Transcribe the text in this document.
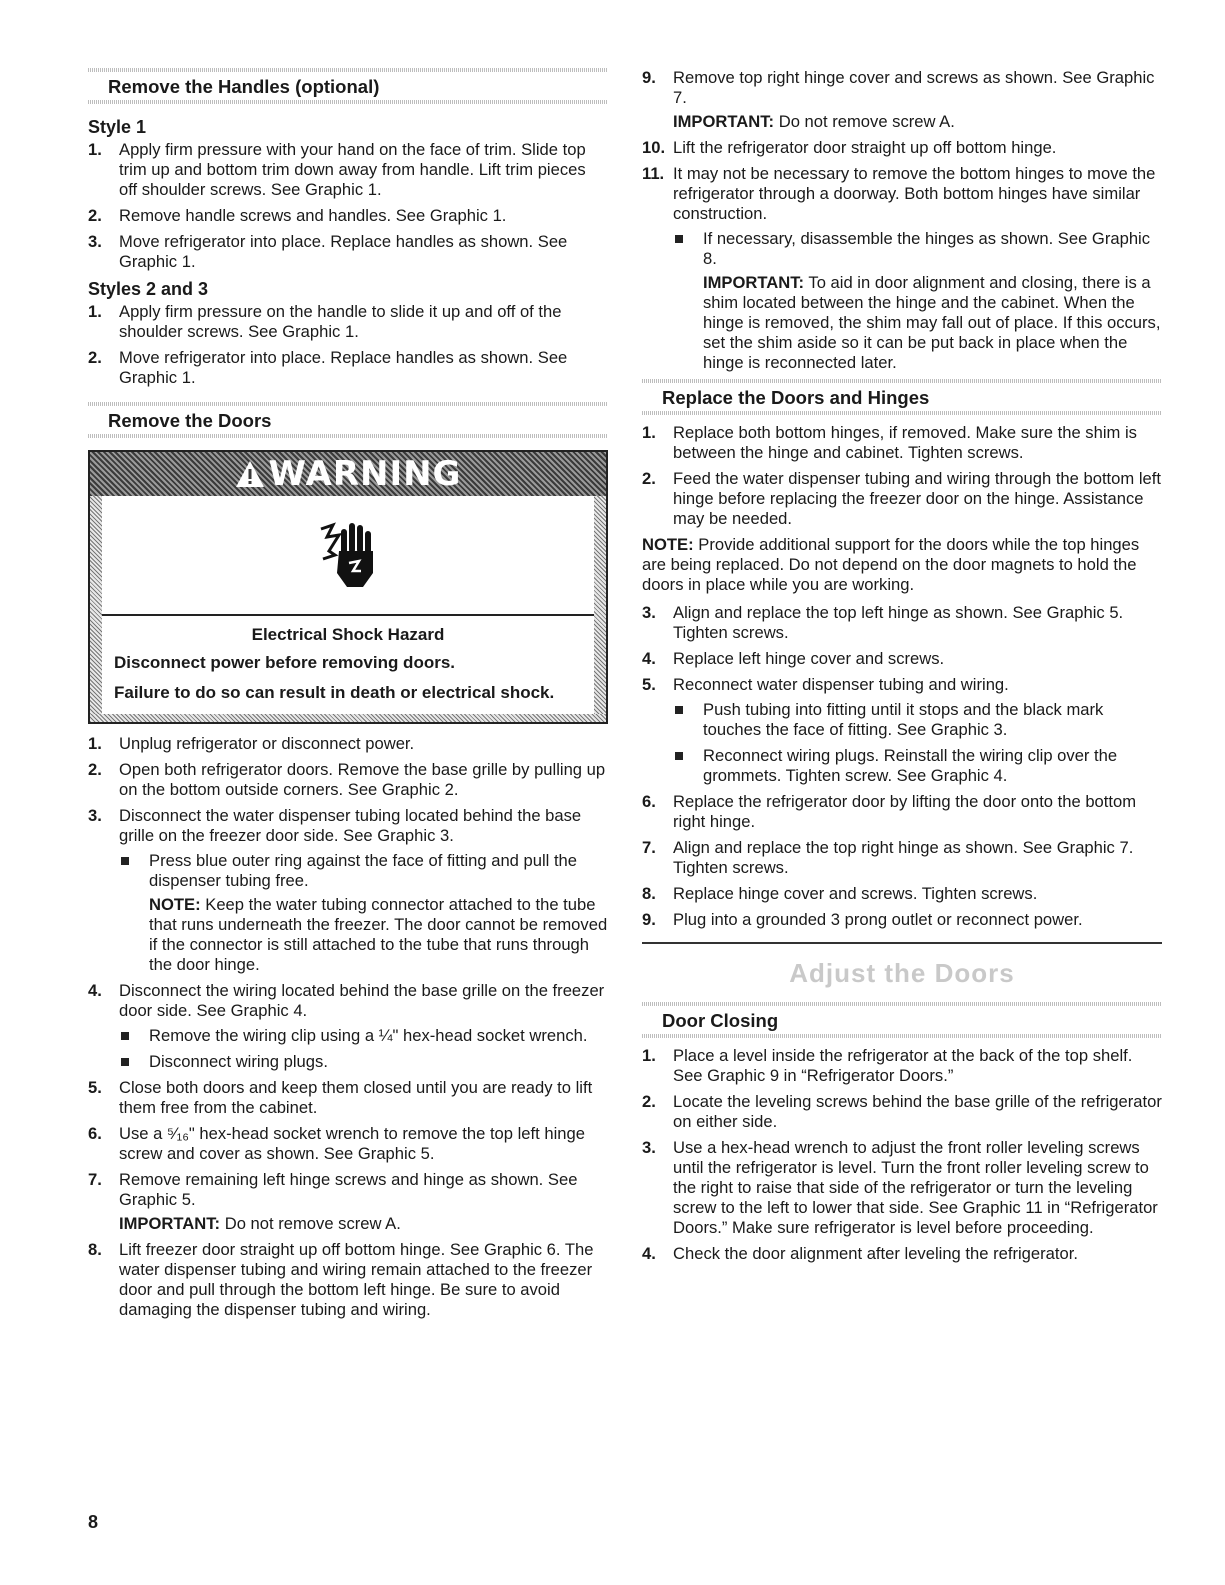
Remove the Handles (optional)
Style 1
1. Apply firm pressure with your hand on the face of trim. Slide top trim up and bottom trim down away from handle. Lift trim pieces off shoulder screws. See Graphic 1.
2. Remove handle screws and handles. See Graphic 1.
3. Move refrigerator into place. Replace handles as shown. See Graphic 1.
Styles 2 and 3
1. Apply firm pressure on the handle to slide it up and off of the shoulder screws. See Graphic 1.
2. Move refrigerator into place. Replace handles as shown. See Graphic 1.
Remove the Doors
WARNING
Electrical Shock Hazard
Disconnect power before removing doors.
Failure to do so can result in death or electrical shock.
1. Unplug refrigerator or disconnect power.
2. Open both refrigerator doors. Remove the base grille by pulling up on the bottom outside corners. See Graphic 2.
3. Disconnect the water dispenser tubing located behind the base grille on the freezer door side. See Graphic 3.
Press blue outer ring against the face of fitting and pull the dispenser tubing free.
NOTE: Keep the water tubing connector attached to the tube that runs underneath the freezer. The door cannot be removed if the connector is still attached to the tube that runs through the door hinge.
4. Disconnect the wiring located behind the base grille on the freezer door side. See Graphic 4.
Remove the wiring clip using a ¼" hex-head socket wrench.
Disconnect wiring plugs.
5. Close both doors and keep them closed until you are ready to lift them free from the cabinet.
6. Use a ⁵⁄₁₆" hex-head socket wrench to remove the top left hinge screw and cover as shown. See Graphic 5.
7. Remove remaining left hinge screws and hinge as shown. See Graphic 5.
IMPORTANT: Do not remove screw A.
8. Lift freezer door straight up off bottom hinge. See Graphic 6. The water dispenser tubing and wiring remain attached to the freezer door and pull through the bottom left hinge. Be sure to avoid damaging the dispenser tubing and wiring.
9. Remove top right hinge cover and screws as shown. See Graphic 7.
IMPORTANT: Do not remove screw A.
10. Lift the refrigerator door straight up off bottom hinge.
11. It may not be necessary to remove the bottom hinges to move the refrigerator through a doorway. Both bottom hinges have similar construction.
If necessary, disassemble the hinges as shown. See Graphic 8.
IMPORTANT: To aid in door alignment and closing, there is a shim located between the hinge and the cabinet. When the hinge is removed, the shim may fall out of place. If this occurs, set the shim aside so it can be put back in place when the hinge is reconnected later.
Replace the Doors and Hinges
1. Replace both bottom hinges, if removed. Make sure the shim is between the hinge and cabinet. Tighten screws.
2. Feed the water dispenser tubing and wiring through the bottom left hinge before replacing the freezer door on the hinge. Assistance may be needed.

NOTE: Provide additional support for the doors while the top hinges are being replaced. Do not depend on the door magnets to hold the doors in place while you are working.

3. Align and replace the top left hinge as shown. See Graphic 5. Tighten screws.
4. Replace left hinge cover and screws.
5. Reconnect water dispenser tubing and wiring.
Push tubing into fitting until it stops and the black mark touches the face of fitting. See Graphic 3.
Reconnect wiring plugs. Reinstall the wiring clip over the grommets. Tighten screw. See Graphic 4.
6. Replace the refrigerator door by lifting the door onto the bottom right hinge.
7. Align and replace the top right hinge as shown. See Graphic 7. Tighten screws.
8. Replace hinge cover and screws. Tighten screws.
9. Plug into a grounded 3 prong outlet or reconnect power.
Adjust the Doors
Door Closing
1. Place a level inside the refrigerator at the back of the top shelf. See Graphic 9 in “Refrigerator Doors.”
2. Locate the leveling screws behind the base grille of the refrigerator on either side.
3. Use a hex-head wrench to adjust the front roller leveling screws until the refrigerator is level. Turn the front roller leveling screw to the right to raise that side of the refrigerator or turn the leveling screw to the left to lower that side. See Graphic 11 in “Refrigerator Doors.” Make sure refrigerator is level before proceeding.
4. Check the door alignment after leveling the refrigerator.
8
